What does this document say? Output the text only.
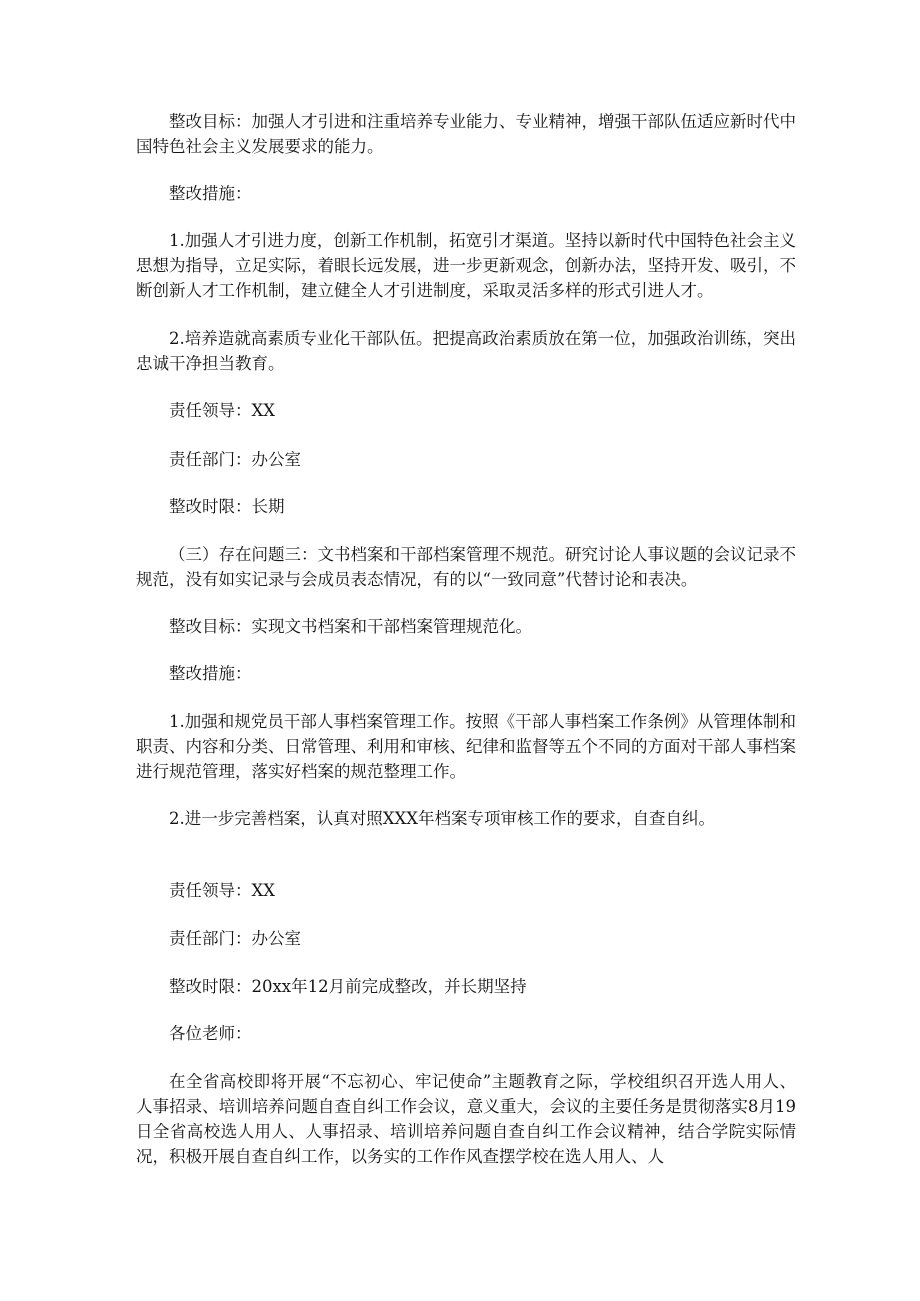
整改目标：加强人才引进和注重培养专业能力、专业精神，增强干部队伍适应新时代中国特色社会主义发展要求的能力。

整改措施：

1.加强人才引进力度，创新工作机制，拓宽引才渠道。坚持以新时代中国特色社会主义思想为指导，立足实际，着眼长远发展，进一步更新观念，创新办法，坚持开发、吸引，不断创新人才工作机制，建立健全人才引进制度，采取灵活多样的形式引进人才。

2.培养造就高素质专业化干部队伍。把提高政治素质放在第一位，加强政治训练，突出忠诚干净担当教育。

责任领导：XX

责任部门：办公室

整改时限：长期

（三）存在问题三：文书档案和干部档案管理不规范。研究讨论人事议题的会议记录不规范，没有如实记录与会成员表态情况，有的以“一致同意”代替讨论和表决。

整改目标：实现文书档案和干部档案管理规范化。

整改措施：

1.加强和规党员干部人事档案管理工作。按照《干部人事档案工作条例》从管理体制和职责、内容和分类、日常管理、利用和审核、纪律和监督等五个不同的方面对干部人事档案进行规范管理，落实好档案的规范整理工作。

2.进一步完善档案，认真对照XXX年档案专项审核工作的要求，自查自纠。

责任领导：XX

责任部门：办公室

整改时限：20xx年12月前完成整改，并长期坚持

各位老师：

在全省高校即将开展“不忘初心、牢记使命”主题教育之际，学校组织召开选人用人、人事招录、培训培养问题自查自纠工作会议，意义重大，会议的主要任务是贯彻落实8月19日全省高校选人用人、人事招录、培训培养问题自查自纠工作会议精神，结合学院实际情况，积极开展自查自纠工作，以务实的工作作风查摆学校在选人用人、人
